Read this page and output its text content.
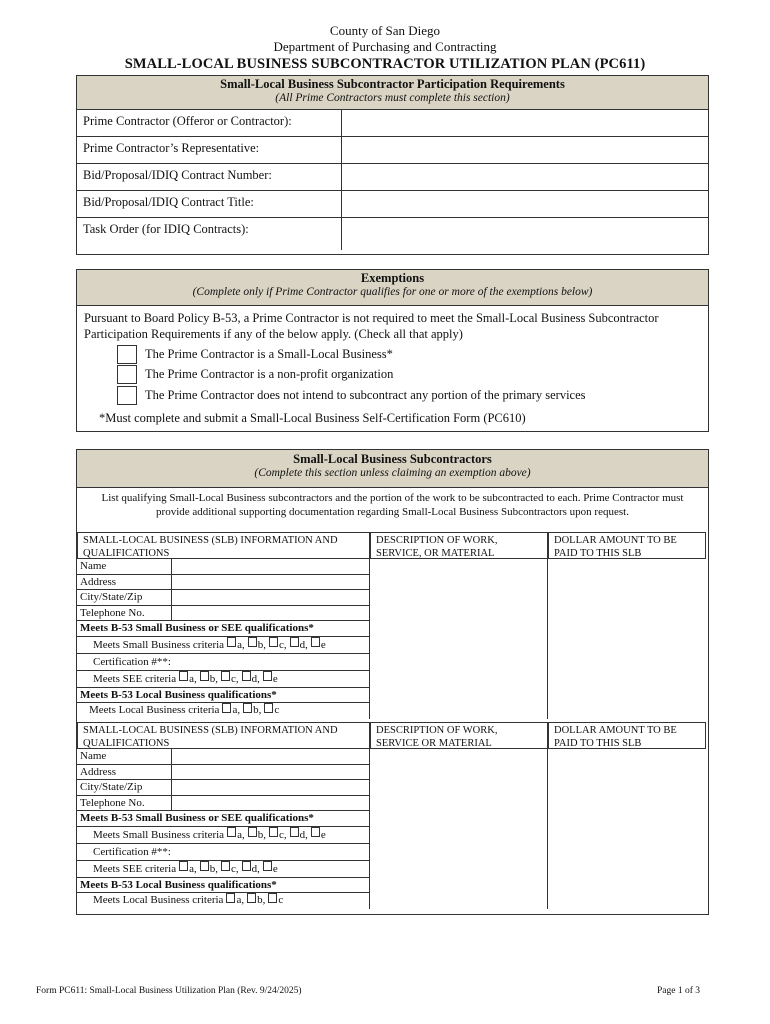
County of San Diego
Department of Purchasing and Contracting
SMALL-LOCAL BUSINESS SUBCONTRACTOR UTILIZATION PLAN (PC611)
Small-Local Business Subcontractor Participation Requirements
(All Prime Contractors must complete this section)
Prime Contractor (Offeror or Contractor):
Prime Contractor’s Representative:
Bid/Proposal/IDIQ Contract Number:
Bid/Proposal/IDIQ Contract Title:
Task Order (for IDIQ Contracts):
Exemptions
(Complete only if Prime Contractor qualifies for one or more of the exemptions below)
Pursuant to Board Policy B-53, a Prime Contractor is not required to meet the Small-Local Business Subcontractor Participation Requirements if any of the below apply. (Check all that apply)
The Prime Contractor is a Small-Local Business*
The Prime Contractor is a non-profit organization
The Prime Contractor does not intend to subcontract any portion of the primary services
*Must complete and submit a Small-Local Business Self-Certification Form (PC610)
Small-Local Business Subcontractors
(Complete this section unless claiming an exemption above)
List qualifying Small-Local Business subcontractors and the portion of the work to be subcontracted to each. Prime Contractor must provide additional supporting documentation regarding Small-Local Business Subcontractors upon request.
SMALL-LOCAL BUSINESS (SLB) INFORMATION AND QUALIFICATIONS
DESCRIPTION OF WORK, SERVICE, OR MATERIAL
DOLLAR AMOUNT TO BE PAID TO THIS SLB
Name
Address
City/State/Zip
Telephone No.
Meets B-53 Small Business or SEE qualifications*
Meets Small Business criteria a, b, c, d, e
Certification #**:
Meets SEE criteria a, b, c, d, e
Meets B-53 Local Business qualifications*
Meets Local Business criteria a, b, c
SMALL-LOCAL BUSINESS (SLB) INFORMATION AND QUALIFICATIONS
DESCRIPTION OF WORK, SERVICE OR MATERIAL
DOLLAR AMOUNT TO BE PAID TO THIS SLB
Name
Address
City/State/Zip
Telephone No.
Meets B-53 Small Business or SEE qualifications*
Meets Small Business criteria a, b, c, d, e
Certification #**:
Meets SEE criteria a, b, c, d, e
Meets B-53 Local Business qualifications*
Meets Local Business criteria a, b, c
Form PC611: Small-Local Business Utilization Plan (Rev. 9/24/2025)	Page 1 of 3
